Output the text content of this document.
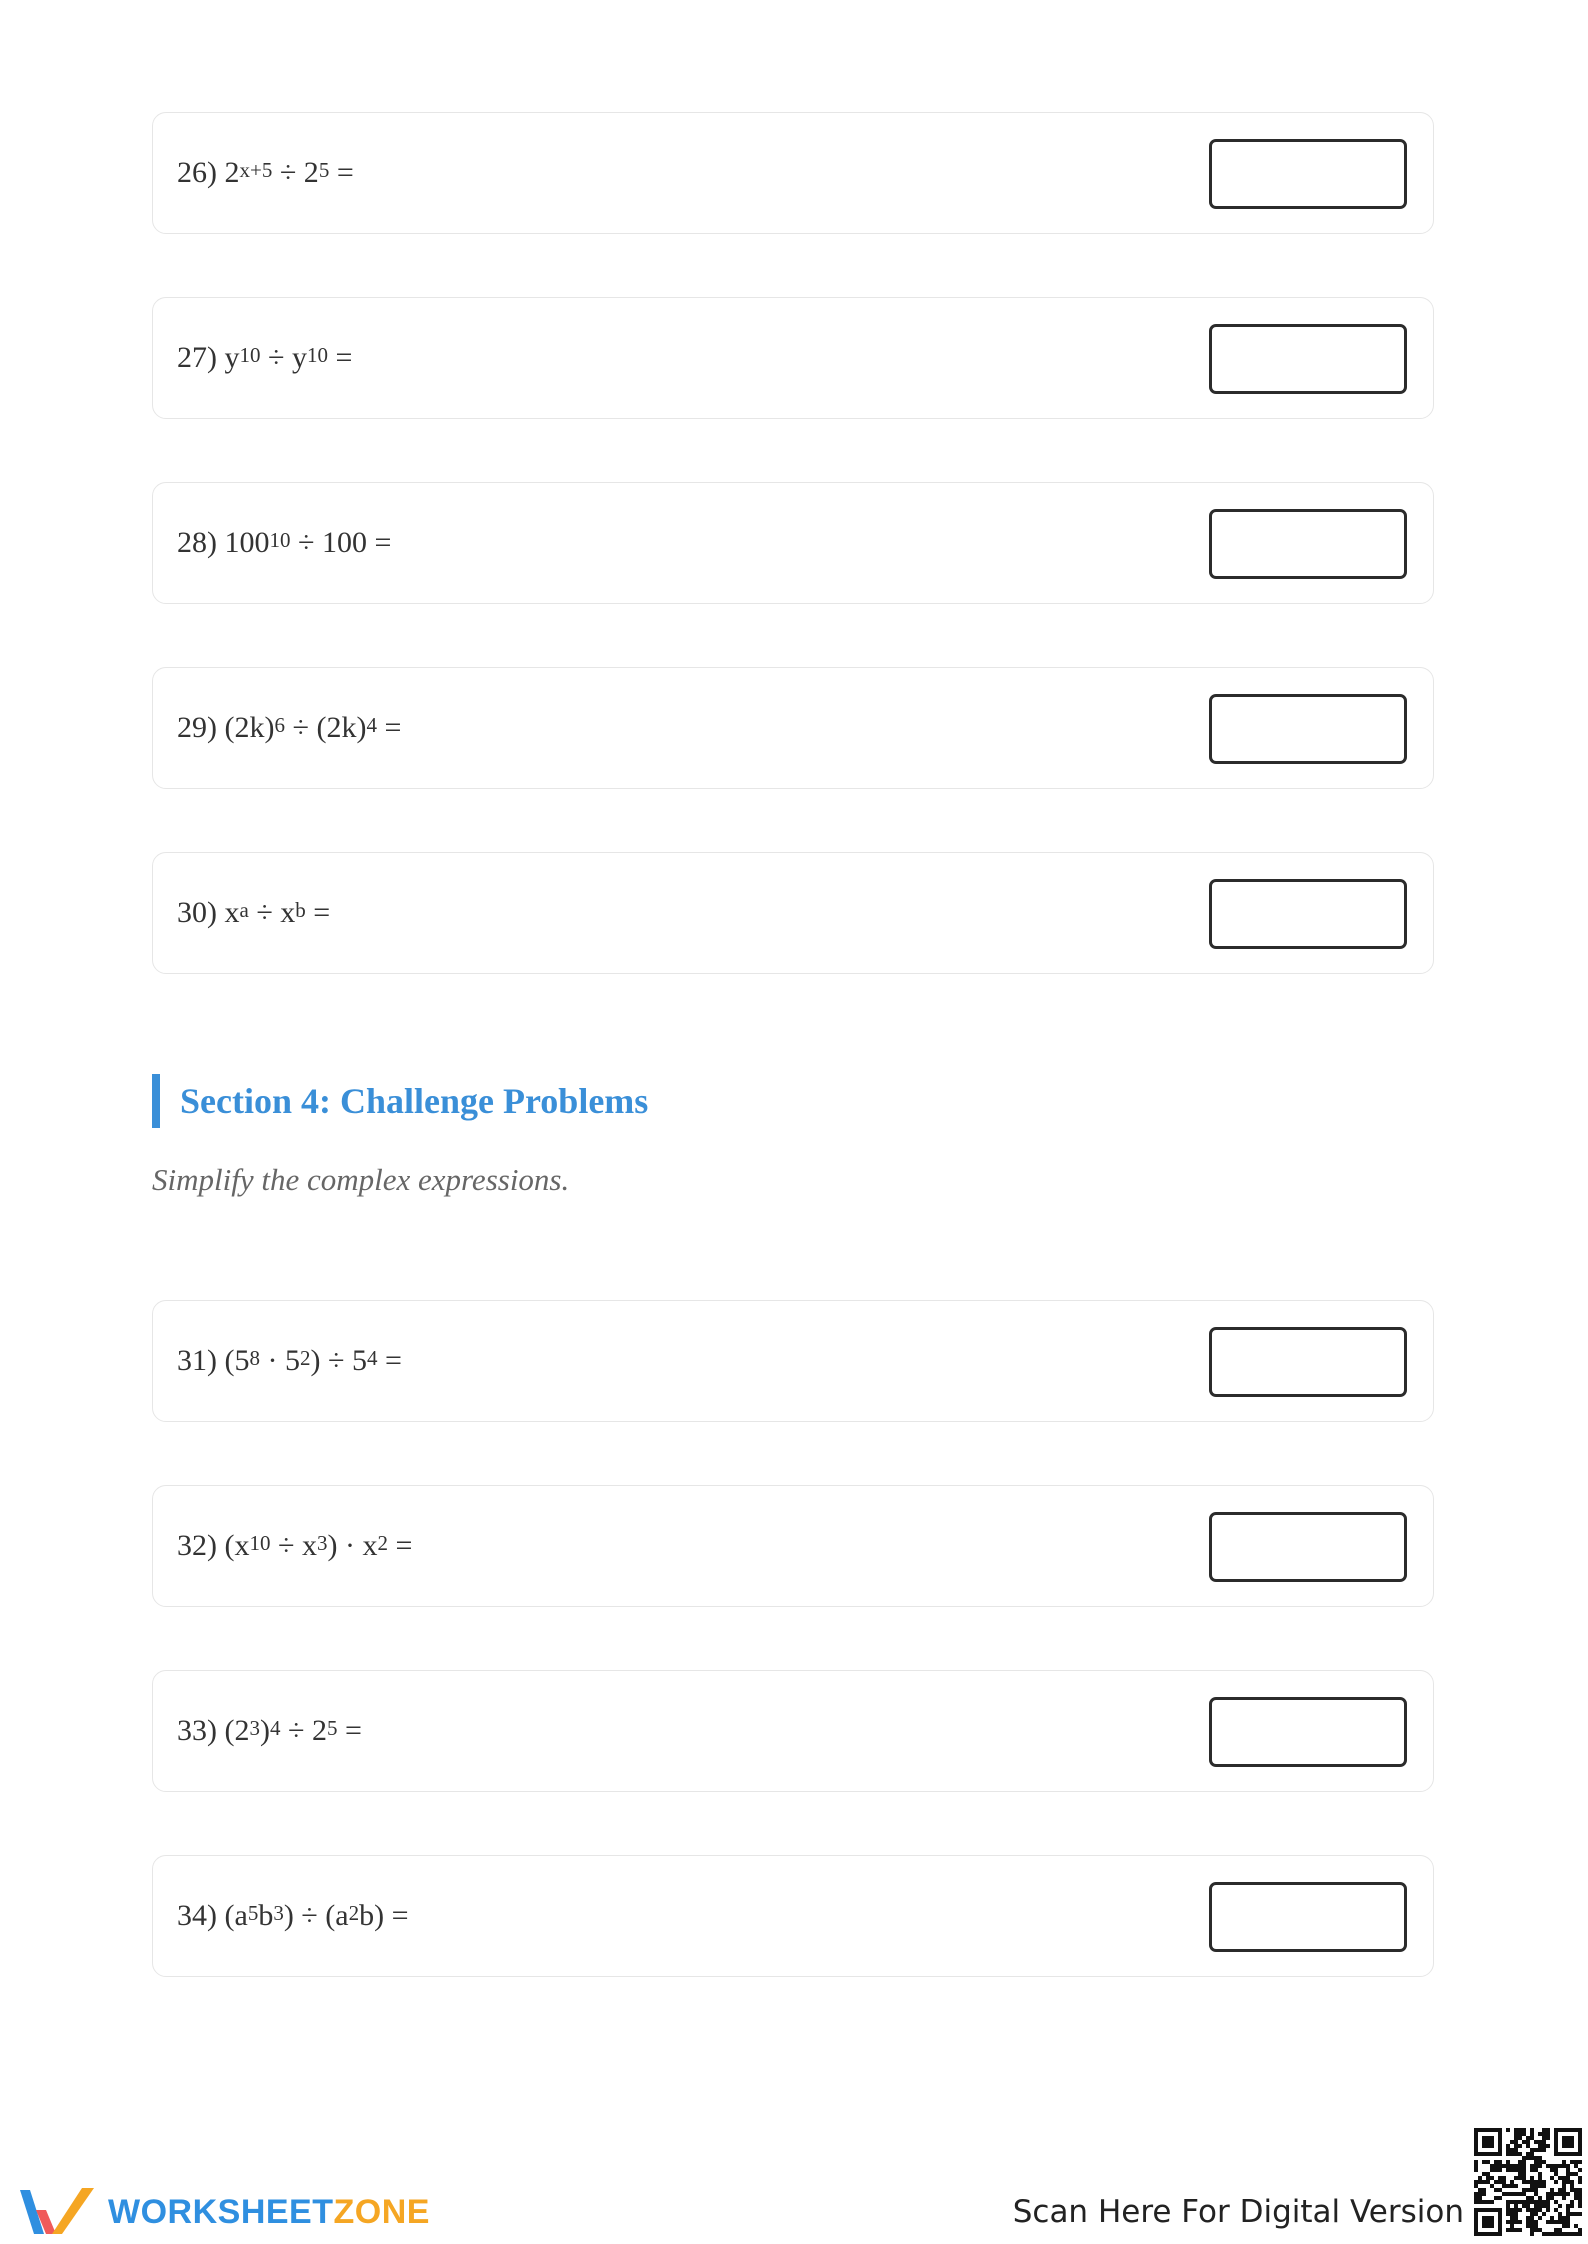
26)
$2^{x+5} \div 2^5$ =
27)
$y^{10} \div y^{10}$ =
28)
$100^{10} \div 100$ =
29)
$(2k)^6 \div (2k)^4$ =
30)
$x^a \div x^b$ =
Section 4: Challenge Problems
Simplify the complex expressions.
31)
($5^8 \cdot 5^2$ ) ÷ $5^4$ =
32)
($x^{10} \div x^3$ ) · $x^2$ =
33)
($2^3$ )$^4 \div 2^5$ =
34)
($a^5$ $b^3$ ) ÷ ($a^2$ b) =
WORKSHEETZONE	Scan Here For Digital Version
